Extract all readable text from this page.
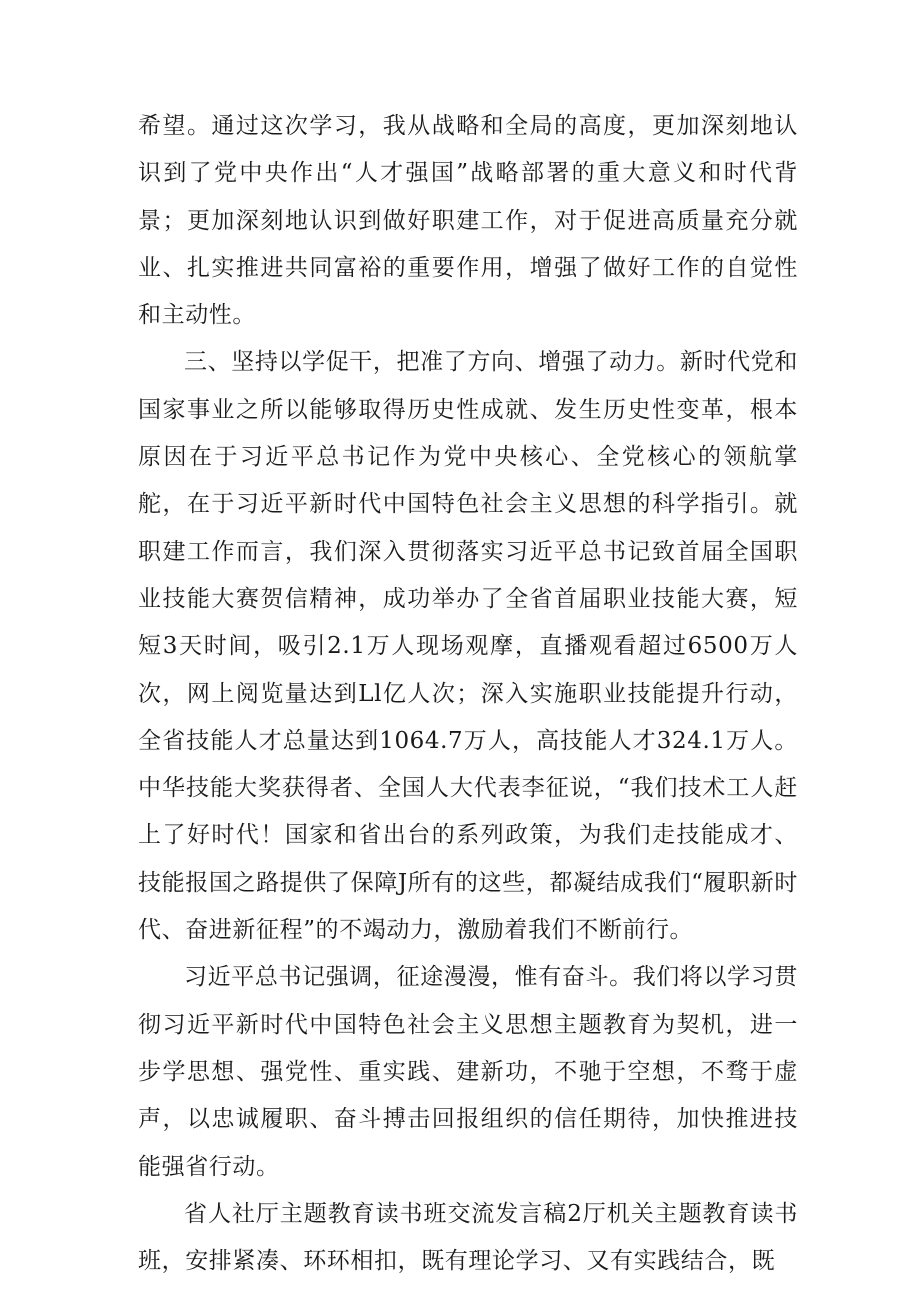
希望。通过这次学习，我从战略和全局的高度，更加深刻地认识到了党中央作出“人才强国”战略部署的重大意义和时代背景；更加深刻地认识到做好职建工作，对于促进高质量充分就业、扎实推进共同富裕的重要作用，增强了做好工作的自觉性和主动性。

三、坚持以学促干，把准了方向、增强了动力。新时代党和国家事业之所以能够取得历史性成就、发生历史性变革，根本原因在于习近平总书记作为党中央核心、全党核心的领航掌舵，在于习近平新时代中国特色社会主义思想的科学指引。就职建工作而言，我们深入贯彻落实习近平总书记致首届全国职业技能大赛贺信精神，成功举办了全省首届职业技能大赛，短短3天时间，吸引2.1万人现场观摩，直播观看超过6500万人次，网上阅览量达到Ll亿人次；深入实施职业技能提升行动，全省技能人才总量达到1064.7万人，高技能人才324.1万人。中华技能大奖获得者、全国人大代表李征说，“我们技术工人赶上了好时代！国家和省出台的系列政策，为我们走技能成才、技能报国之路提供了保障J所有的这些，都凝结成我们“履职新时代、奋进新征程”的不竭动力，激励着我们不断前行。

习近平总书记强调，征途漫漫，惟有奋斗。我们将以学习贯彻习近平新时代中国特色社会主义思想主题教育为契机，进一步学思想、强党性、重实践、建新功，不驰于空想，不骛于虚声，以忠诚履职、奋斗搏击回报组织的信任期待，加快推进技能强省行动。

省人社厅主题教育读书班交流发言稿2厅机关主题教育读书班，安排紧凑、环环相扣，既有理论学习、又有实践结合，既
